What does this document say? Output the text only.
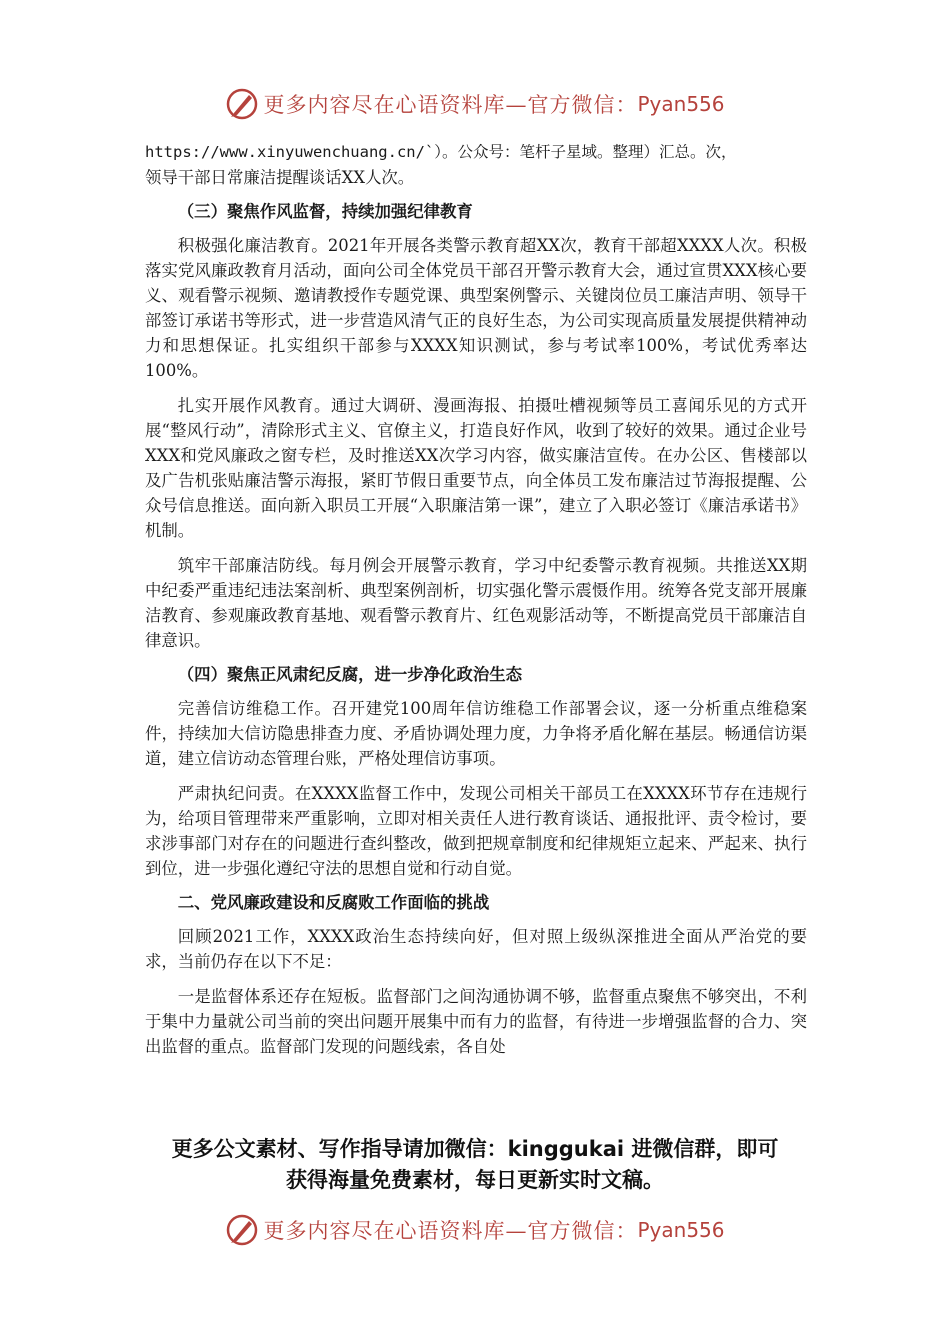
更多内容尽在心语资料库—官方微信： Pyan556

https://www.xinyuwenchuang.cn/`）。公众号：笔杆子星域。整理）汇总。次，

领导干部日常廉洁提醒谈话XX人次。

（三）聚焦作风监督，持续加强纪律教育

积极强化廉洁教育。2021年开展各类警示教育超XX次，教育干部超XXXX人次。积极落实党风廉政教育月活动，面向公司全体党员干部召开警示教育大会，通过宣贯XXX核心要义、观看警示视频、邀请教授作专题党课、典型案例警示、关键岗位员工廉洁声明、领导干部签订承诺书等形式，进一步营造风清气正的良好生态，为公司实现高质量发展提供精神动力和思想保证。扎实组织干部参与XXXX知识测试，参与考试率100%，考试优秀率达100%。

扎实开展作风教育。通过大调研、漫画海报、拍摄吐槽视频等员工喜闻乐见的方式开展“整风行动”，清除形式主义、官僚主义，打造良好作风，收到了较好的效果。通过企业号XXX和党风廉政之窗专栏，及时推送XX次学习内容，做实廉洁宣传。在办公区、售楼部以及广告机张贴廉洁警示海报，紧盯节假日重要节点，向全体员工发布廉洁过节海报提醒、公众号信息推送。面向新入职员工开展“入职廉洁第一课”，建立了入职必签订《廉洁承诺书》机制。

筑牢干部廉洁防线。每月例会开展警示教育，学习中纪委警示教育视频。共推送XX期中纪委严重违纪违法案剖析、典型案例剖析，切实强化警示震慑作用。统筹各党支部开展廉洁教育、参观廉政教育基地、观看警示教育片、红色观影活动等，不断提高党员干部廉洁自律意识。

（四）聚焦正风肃纪反腐，进一步净化政治生态

完善信访维稳工作。召开建党100周年信访维稳工作部署会议，逐一分析重点维稳案件，持续加大信访隐患排查力度、矛盾协调处理力度，力争将矛盾化解在基层。畅通信访渠道，建立信访动态管理台账，严格处理信访事项。

严肃执纪问责。在XXXX监督工作中，发现公司相关干部员工在XXXX环节存在违规行为，给项目管理带来严重影响，立即对相关责任人进行教育谈话、通报批评、责令检讨，要求涉事部门对存在的问题进行查纠整改，做到把规章制度和纪律规矩立起来、严起来、执行到位，进一步强化遵纪守法的思想自觉和行动自觉。

二、党风廉政建设和反腐败工作面临的挑战

回顾2021工作，XXXX政治生态持续向好，但对照上级纵深推进全面从严治党的要求，当前仍存在以下不足：

一是监督体系还存在短板。监督部门之间沟通协调不够，监督重点聚焦不够突出，不利于集中力量就公司当前的突出问题开展集中而有力的监督，有待进一步增强监督的合力、突出监督的重点。监督部门发现的问题线索，各自处

更多公文素材、写作指导请加微信：kinggukai 进微信群，即可
获得海量免费素材，每日更新实时文稿。
更多内容尽在心语资料库—官方微信： Pyan556
